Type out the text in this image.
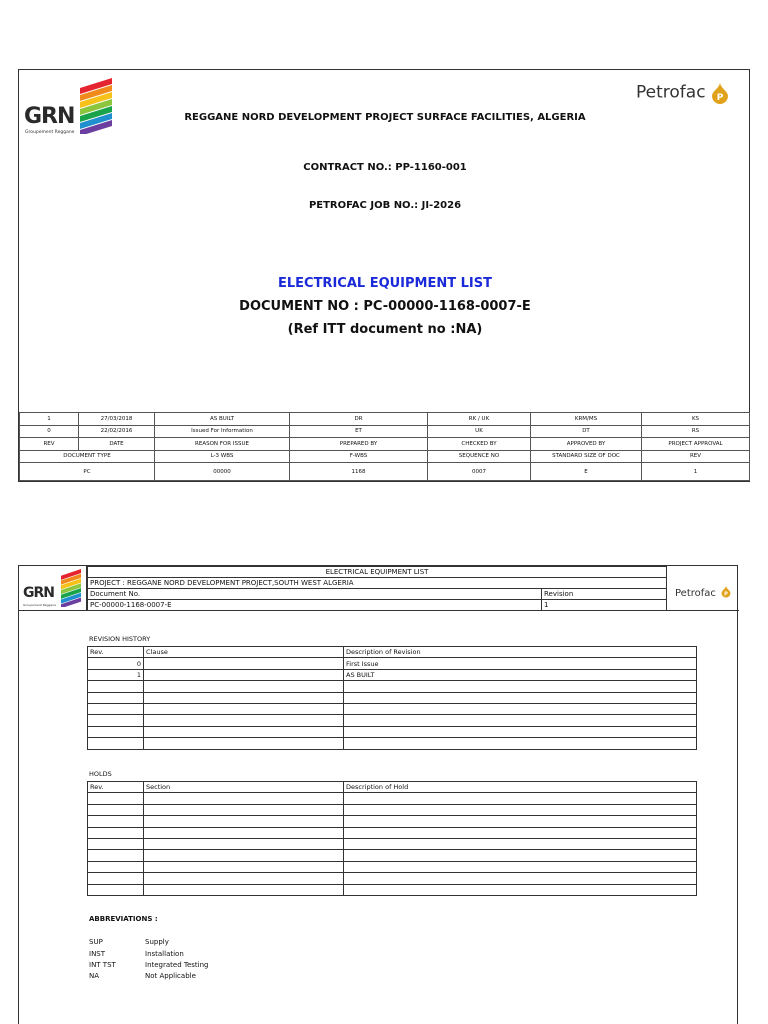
GRN
Groupement Reggane
Petrofac P
REGGANE NORD DEVELOPMENT PROJECT SURFACE FACILITIES, ALGERIA
CONTRACT NO.: PP-1160-001
PETROFAC JOB NO.: JI-2026
ELECTRICAL EQUIPMENT LIST
DOCUMENT NO : PC-00000-1168-0007-E
(Ref ITT document no :NA)
1	27/03/2018	AS BUILT	DR	RK / UK	KRM/MS	KS
0	22/02/2016	Issued For Information	ET	UK	DT	RS
REV	DATE	REASON FOR ISSUE	PREPARED BY	CHECKED BY	APPROVED BY	PROJECT APPROVAL
DOCUMENT TYPE		L-3 WBS	F-WBS	SEQUENCE NO	STANDARD SIZE OF DOC	REV
PC		00000	1168	0007	E	1
GRN
Groupement Reggane
ELECTRICAL EQUIPMENT LIST	
PROJECT : REGGANE NORD DEVELOPMENT PROJECT,SOUTH WEST ALGERIA	
Document No.	Revision
PC-00000-1168-0007-E	1
Petrofac P
REVISION HISTORY
Rev.	Clause	Description of Revision
0		First Issue
1		AS BUILT

HOLDS
Rev.	Section	Description of Hold

ABBREVIATIONS :
SUP	Supply
INST	Installation
INT TST	Integrated Testing
NA	Not Applicable
